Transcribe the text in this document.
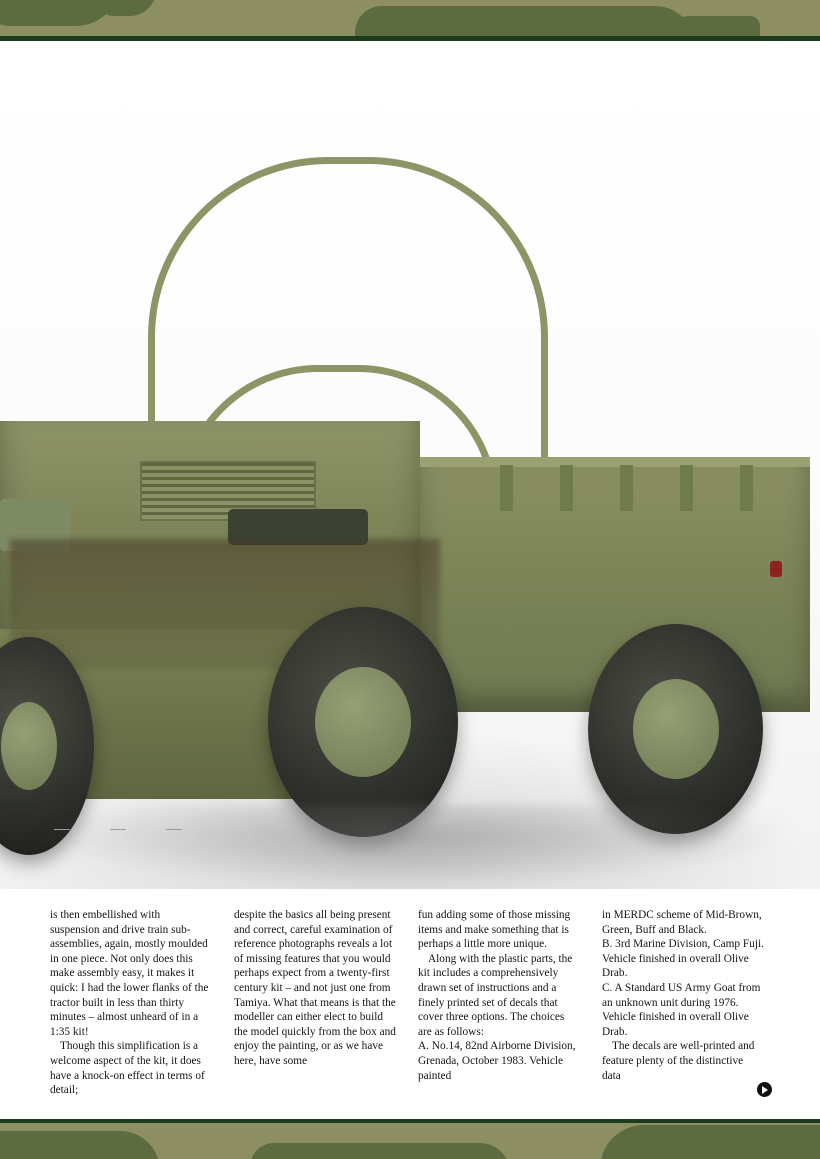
is then embellished with suspension and drive train sub-assemblies, again, mostly moulded in one piece. Not only does this make assembly easy, it makes it quick: I had the lower flanks of the tractor built in less than thirty minutes – almost unheard of in a 1:35 kit!

Though this simplification is a welcome aspect of the kit, it does have a knock-on effect in terms of detail;

despite the basics all being present and correct, careful examination of reference photographs reveals a lot of missing features that you would perhaps expect from a twenty-first century kit – and not just one from Tamiya. What that means is that the modeller can either elect to build the model quickly from the box and enjoy the painting, or as we have here, have some

fun adding some of those missing items and make something that is perhaps a little more unique.

Along with the plastic parts, the kit includes a comprehensively drawn set of instructions and a finely printed set of decals that cover three options. The choices are as follows:

A. No.14, 82nd Airborne Division, Grenada, October 1983. Vehicle painted

in MERDC scheme of Mid-Brown, Green, Buff and Black.

B. 3rd Marine Division, Camp Fuji. Vehicle finished in overall Olive Drab.

C. A Standard US Army Goat from an unknown unit during 1976. Vehicle finished in overall Olive Drab.

The decals are well-printed and feature plenty of the distinctive data
